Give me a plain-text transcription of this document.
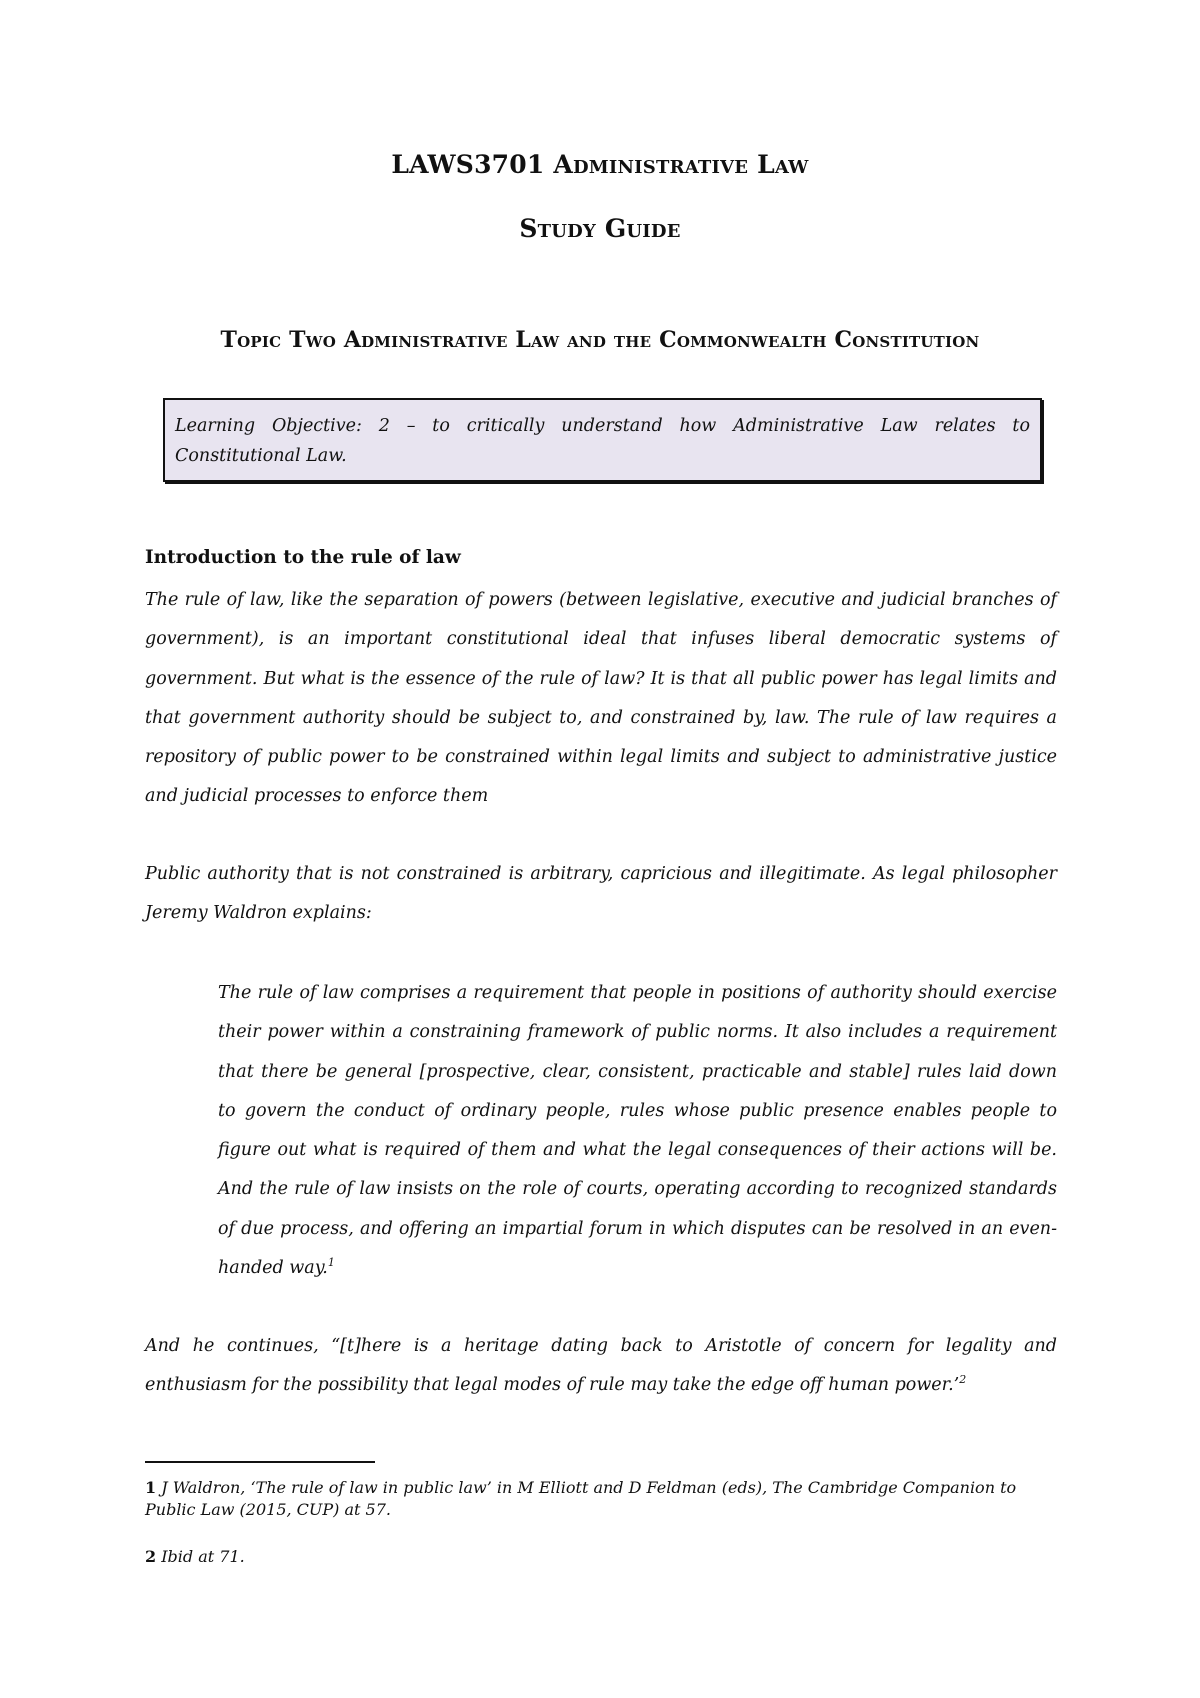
LAWS3701 Administrative Law
Study Guide
Topic Two Administrative Law and the Commonwealth Constitution
Learning Objective: 2 – to critically understand how Administrative Law relates to Constitutional Law.
Introduction to the rule of law

The rule of law, like the separation of powers (between legislative, executive and judicial branches of government), is an important constitutional ideal that infuses liberal democratic systems of government. But what is the essence of the rule of law? It is that all public power has legal limits and that government authority should be subject to, and constrained by, law. The rule of law requires a repository of public power to be constrained within legal limits and subject to administrative justice and judicial processes to enforce them

Public authority that is not constrained is arbitrary, capricious and illegitimate. As legal philosopher Jeremy Waldron explains:

The rule of law comprises a requirement that people in positions of authority should exercise their power within a constraining framework of public norms. It also includes a requirement that there be general [prospective, clear, consistent, practicable and stable] rules laid down to govern the conduct of ordinary people, rules whose public presence enables people to figure out what is required of them and what the legal consequences of their actions will be. And the rule of law insists on the role of courts, operating according to recognized standards of due process, and offering an impartial forum in which disputes can be resolved in an even-handed way.$^1$

And he continues, “[t]here is a heritage dating back to Aristotle of concern for legality and enthusiasm for the possibility that legal modes of rule may take the edge off human power.’$^2$

1 J Waldron, ‘The rule of law in public law’ in M Elliott and D Feldman (eds), The Cambridge Companion to Public Law (2015, CUP) at 57.

2 Ibid at 71.
